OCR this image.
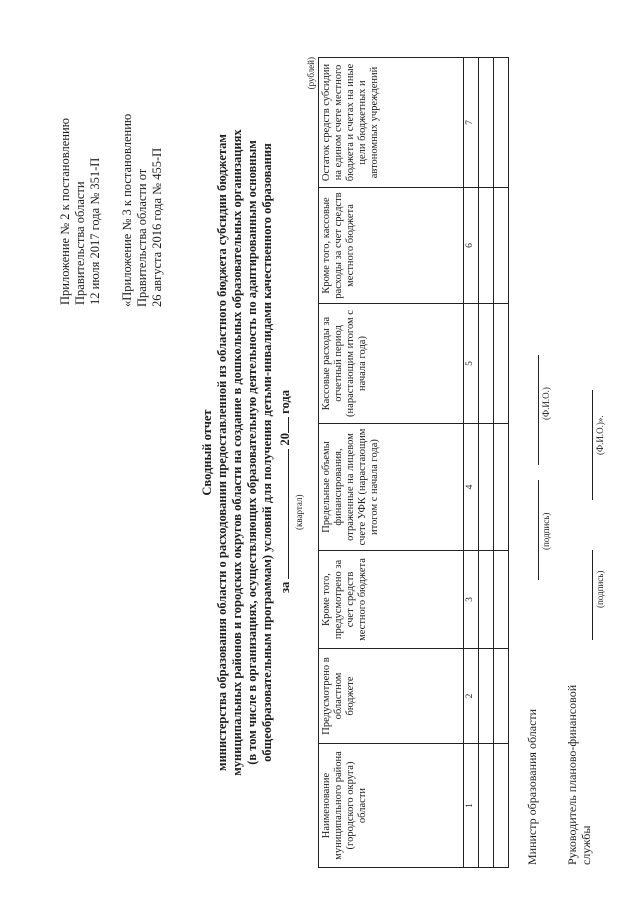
Приложение № 2 к постановлению Правительства области 12 июля 2017 года № 351-П «Приложение № 3 к постановлению Правительства области от 26 августа 2016 года № 455-П
Сводный отчет министерства образования области о расходовании предоставленной из областного бюджета субсидии бюджетам муниципальных районов и городских округов области на создание в дошкольных образовательных организациях (в том числе в организациях, осуществляющих образовательную деятельность по адаптированным основным общеобразовательным программам) условий для получения детьми-инвалидами качественного образования за  20 года
(квартал)
(рублей)
Наименование муниципального района (городского округа) области	Предусмотрено в областном бюджете	Кроме того, предусмотрено за счет средств местного бюджета	Предельные объемы финансирования, отраженные на лицевом счете УФК (нарастающим итогом с начала года)	Кассовые расходы за отчетный период (нарастающим итогом с начала года)	Кроме того, кассовые расходы за счет средств местного бюджета	Остаток средств субсидии на едином счете местного бюджета и счетах на иные цели бюджетных и автономных учреждений
1	2	3	4	5	6	7

Министр образования области
(подпись)
(Ф.И.О.)
Руководитель планово-финансовой службы
(подпись)
(Ф.И.О.)».
